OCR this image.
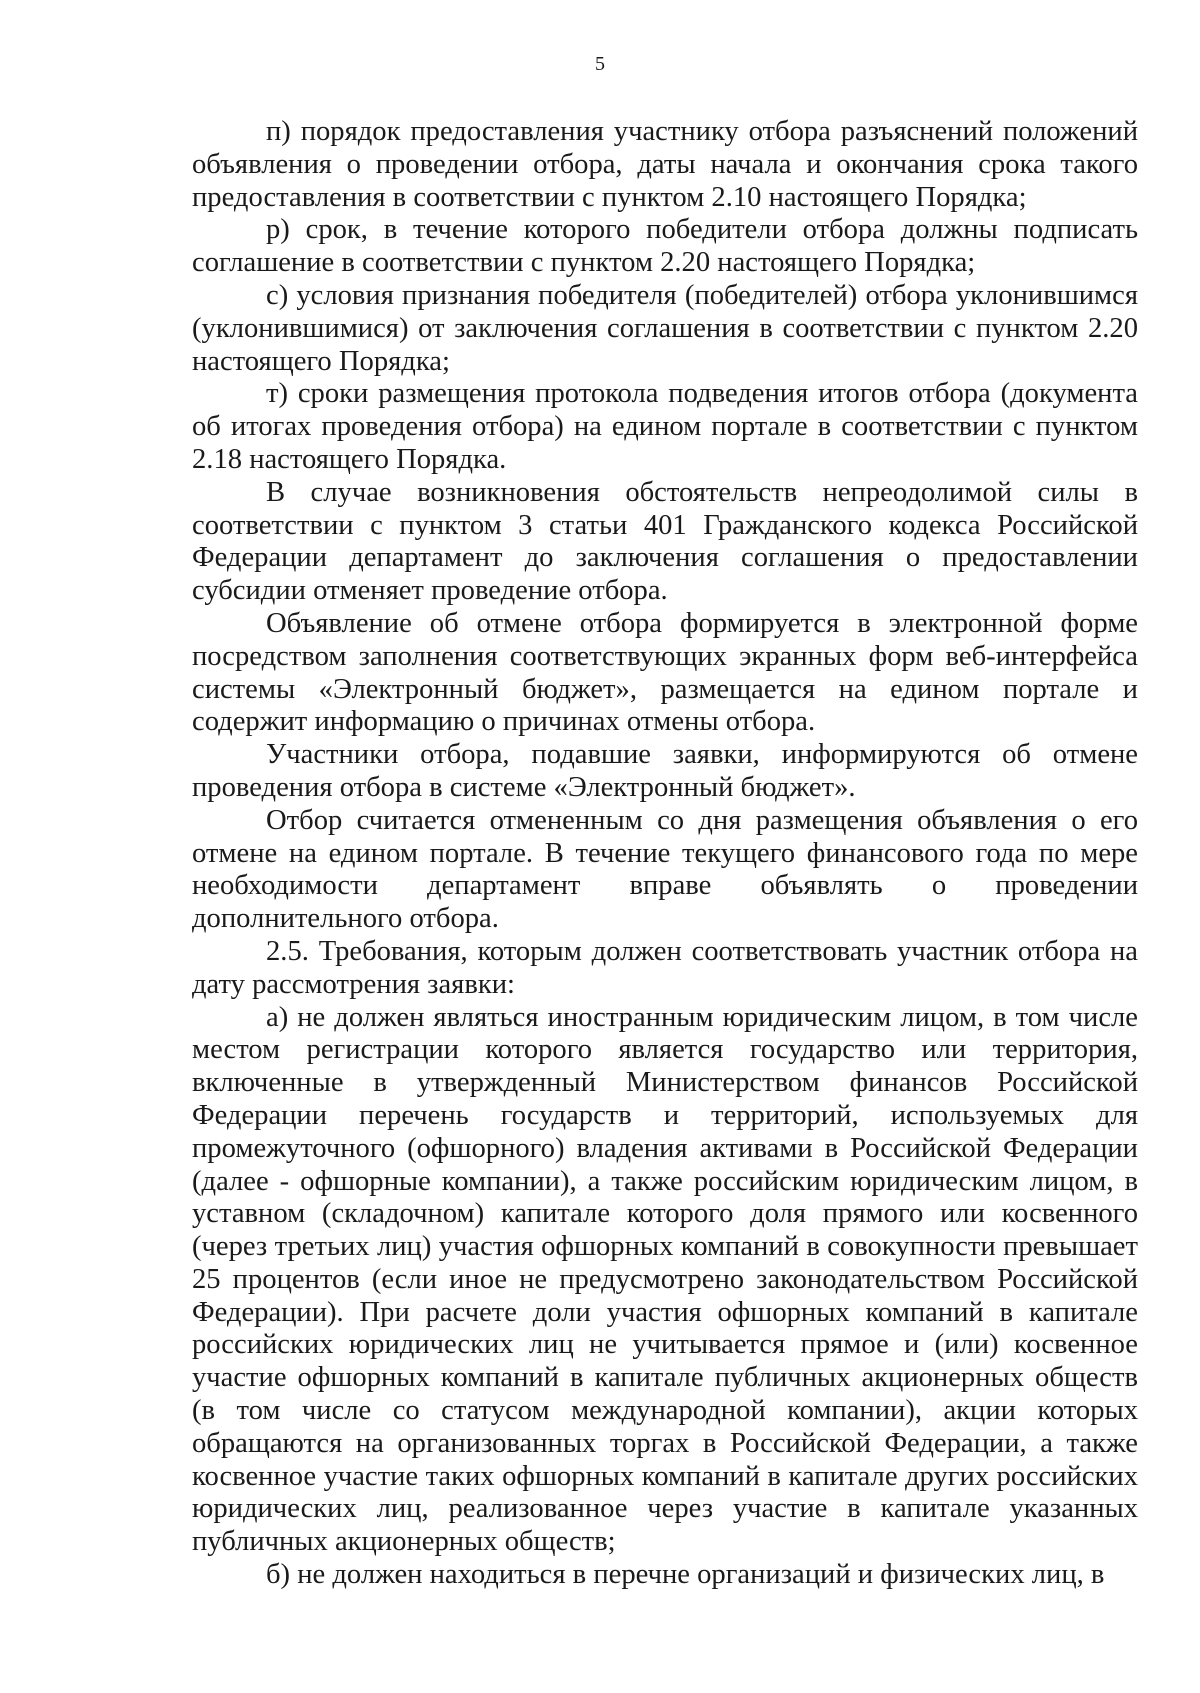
5

п) порядок предоставления участнику отбора разъяснений положений объявления о проведении отбора, даты начала и окончания срока такого предоставления в соответствии с пунктом 2.10 настоящего Порядка;

р) срок, в течение которого победители отбора должны подписать соглашение в соответствии с пунктом 2.20 настоящего Порядка;

с) условия признания победителя (победителей) отбора уклонившимся (уклонившимися) от заключения соглашения в соответствии с пунктом 2.20 настоящего Порядка;

т) сроки размещения протокола подведения итогов отбора (документа об итогах проведения отбора) на едином портале в соответствии с пунктом 2.18 настоящего Порядка.

В случае возникновения обстоятельств непреодолимой силы в соответствии с пунктом 3 статьи 401 Гражданского кодекса Российской Федерации департамент до заключения соглашения о предоставлении субсидии отменяет проведение отбора.

Объявление об отмене отбора формируется в электронной форме посредством заполнения соответствующих экранных форм веб-интерфейса системы «Электронный бюджет», размещается на едином портале и содержит информацию о причинах отмены отбора.

Участники отбора, подавшие заявки, информируются об отмене проведения отбора в системе «Электронный бюджет».

Отбор считается отмененным со дня размещения объявления о его отмене на едином портале. В течение текущего финансового года по мере необходимости департамент вправе объявлять о проведении дополнительного отбора.

2.5. Требования, которым должен соответствовать участник отбора на дату рассмотрения заявки:

а) не должен являться иностранным юридическим лицом, в том числе местом регистрации которого является государство или территория, включенные в утвержденный Министерством финансов Российской Федерации перечень государств и территорий, используемых для промежуточного (офшорного) владения активами в Российской Федерации (далее - офшорные компании), а также российским юридическим лицом, в уставном (складочном) капитале которого доля прямого или косвенного (через третьих лиц) участия офшорных компаний в совокупности превышает 25 процентов (если иное не предусмотрено законодательством Российской Федерации). При расчете доли участия офшорных компаний в капитале российских юридических лиц не учитывается прямое и (или) косвенное участие офшорных компаний в капитале публичных акционерных обществ (в том числе со статусом международной компании), акции которых обращаются на организованных торгах в Российской Федерации, а также косвенное участие таких офшорных компаний в капитале других российских юридических лиц, реализованное через участие в капитале указанных публичных акционерных обществ;

б) не должен находиться в перечне организаций и физических лиц, в
